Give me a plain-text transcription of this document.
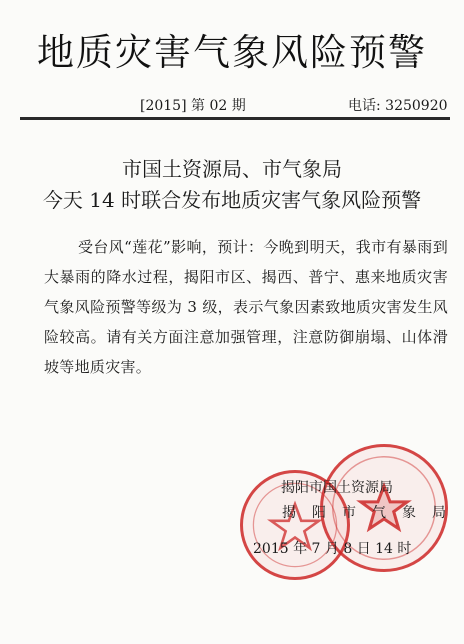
地质灾害气象风险预警
[2015] 第 02 期	电话: 3250920
市国土资源局、市气象局
今天 14 时联合发布地质灾害气象风险预警

受台风“莲花”影响，预计：今晚到明天，我市有暴雨到大暴雨的降水过程，揭阳市区、揭西、普宁、惠来地质灾害气象风险预警等级为 3 级，表示气象因素致地质灾害发生风险较高。请有关方面注意加强管理，注意防御崩塌、山体滑坡等地质灾害。

揭阳市国土资源局
揭阳市气象局
2015 年 7 月 8 日 14 时
